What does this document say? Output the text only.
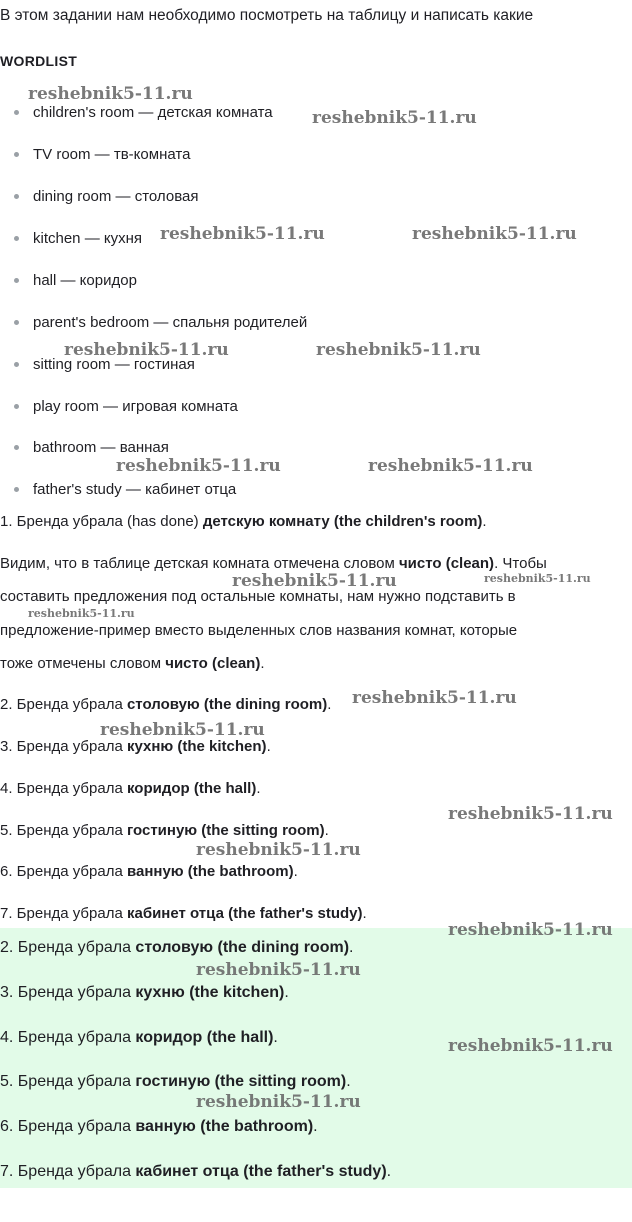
В этом задании нам необходимо посмотреть на таблицу и написать какие
WORDLIST
children's room — детская комната
TV room — тв-комната
dining room — столовая
kitchen — кухня
hall — коридор
parent's bedroom — спальня родителей
sitting room — гостиная
play room — игровая комната
bathroom — ванная
father's study — кабинет отца
1. Бренда убрала (has done) детскую комнату (the children's room).
Видим, что в таблице детская комната отмечена словом чисто (clean). Чтобы
составить предложения под остальные комнаты, нам нужно подставить в
предложение-пример вместо выделенных слов названия комнат, которые
тоже отмечены словом чисто (clean).
2. Бренда убрала столовую (the dining room).
3. Бренда убрала кухню (the kitchen).
4. Бренда убрала коридор (the hall).
5. Бренда убрала гостиную (the sitting room).
6. Бренда убрала ванную (the bathroom).
7. Бренда убрала кабинет отца (the father's study).
2. Бренда убрала столовую (the dining room).
3. Бренда убрала кухню (the kitchen).
4. Бренда убрала коридор (the hall).
5. Бренда убрала гостиную (the sitting room).
6. Бренда убрала ванную (the bathroom).
7. Бренда убрала кабинет отца (the father's study).
reshebnik5-11.ru
reshebnik5-11.ru
reshebnik5-11.ru	reshebnik5-11.ru
reshebnik5-11.ru	reshebnik5-11.ru
reshebnik5-11.ru	reshebnik5-11.ru
reshebnik5-11.ru	reshebnik5-11.ru
reshebnik5-11.ru
reshebnik5-11.ru
reshebnik5-11.ru
reshebnik5-11.ru
reshebnik5-11.ru
reshebnik5-11.ru
reshebnik5-11.ru
reshebnik5-11.ru
reshebnik5-11.ru
